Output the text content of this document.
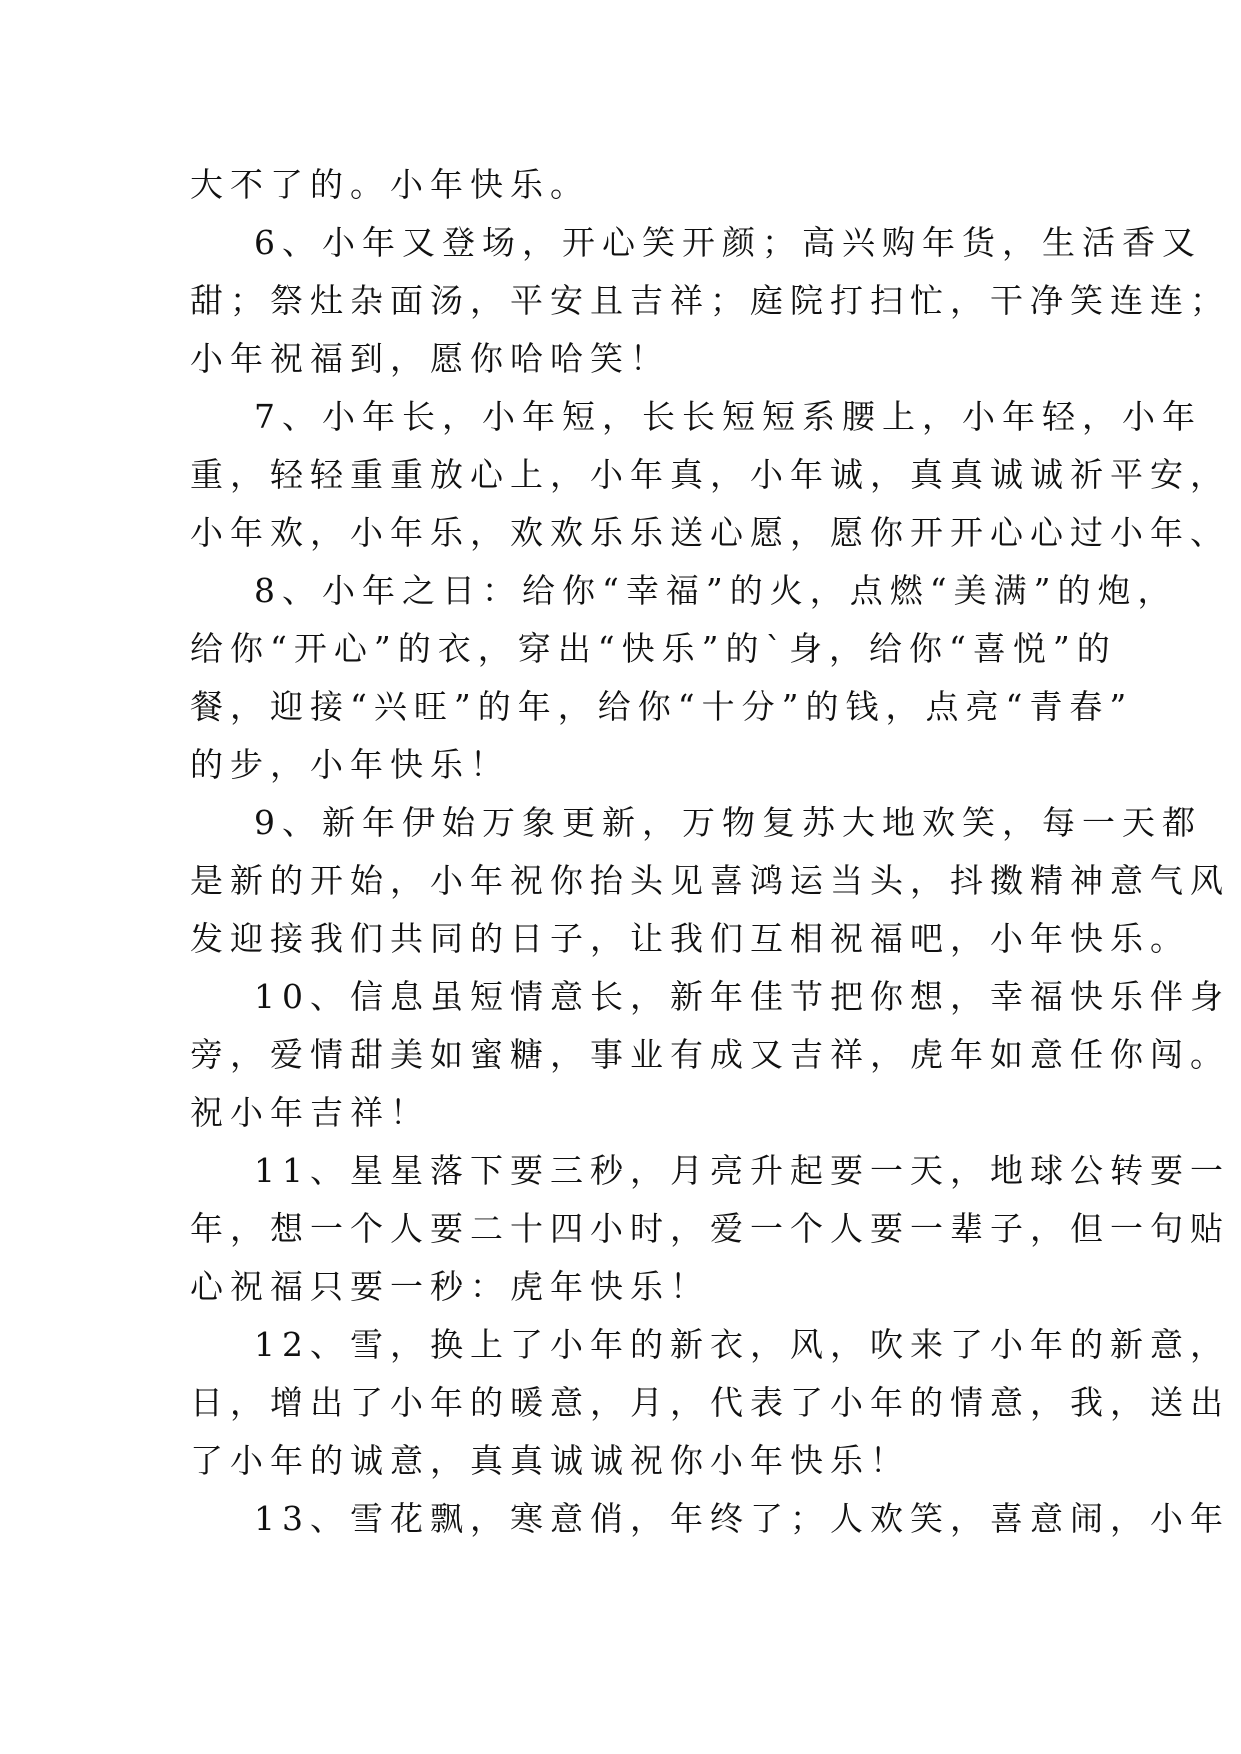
大不了的。小年快乐。
6、小年又登场，开心笑开颜；高兴购年货，生活香又
甜；祭灶杂面汤，平安且吉祥；庭院打扫忙，干净笑连连；
小年祝福到，愿你哈哈笑！
7、小年长，小年短，长长短短系腰上，小年轻，小年
重，轻轻重重放心上，小年真，小年诚，真真诚诚祈平安，
小年欢，小年乐，欢欢乐乐送心愿，愿你开开心心过小年、
8、小年之日：给你“幸福”的火，点燃“美满”的炮，
给你“开心”的衣，穿出“快乐”的`身，给你“喜悦”的
餐，迎接“兴旺”的年，给你“十分”的钱，点亮“青春”
的步，小年快乐！
9、新年伊始万象更新，万物复苏大地欢笑，每一天都
是新的开始，小年祝你抬头见喜鸿运当头，抖擞精神意气风
发迎接我们共同的日子，让我们互相祝福吧，小年快乐。
10、信息虽短情意长，新年佳节把你想，幸福快乐伴身
旁，爱情甜美如蜜糖，事业有成又吉祥，虎年如意任你闯。
祝小年吉祥！
11、星星落下要三秒，月亮升起要一天，地球公转要一
年，想一个人要二十四小时，爱一个人要一辈子，但一句贴
心祝福只要一秒：虎年快乐！
12、雪，换上了小年的新衣，风，吹来了小年的新意，
日，增出了小年的暖意，月，代表了小年的情意，我，送出
了小年的诚意，真真诚诚祝你小年快乐！
13、雪花飘，寒意俏，年终了；人欢笑，喜意闹，小年
